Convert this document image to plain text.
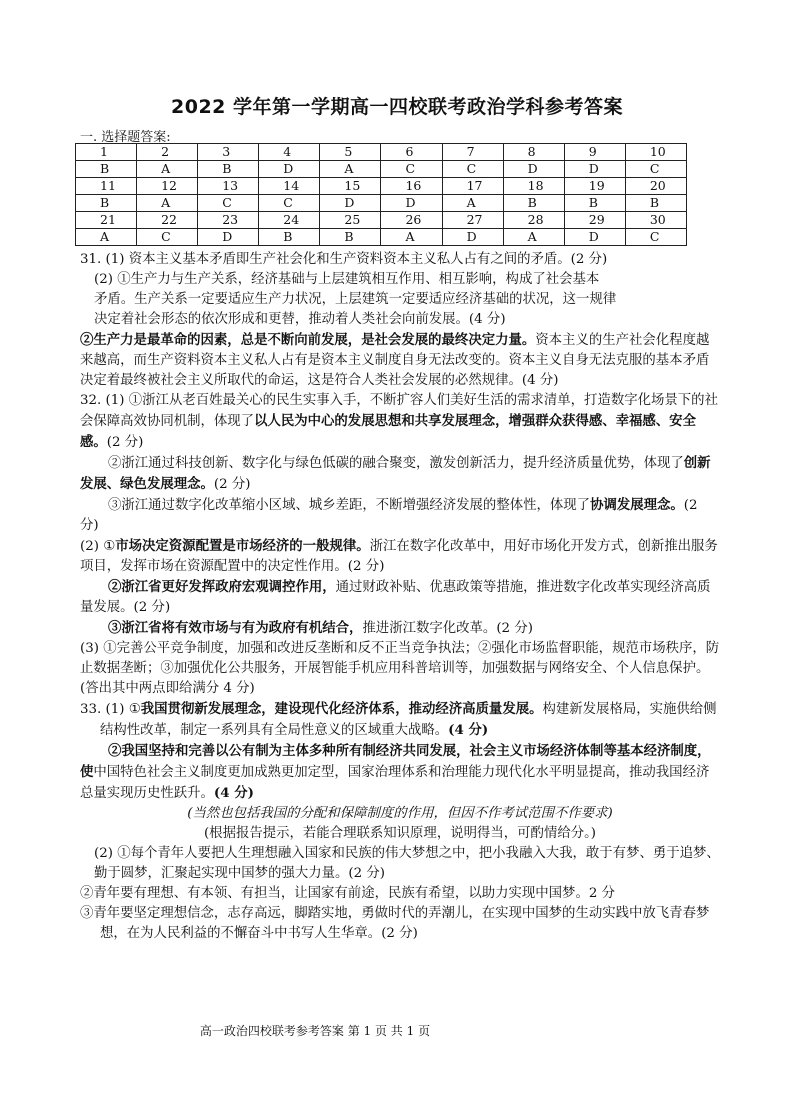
2022 学年第一学期高一四校联考政治学科参考答案
一. 选择题答案:
1	2	3	4	5	6	7	8	9	10
B	A	B	D	A	C	C	D	D	C
11	12	13	14	15	16	17	18	19	20
B	A	C	C	D	D	A	B	B	B
21	22	23	24	25	26	27	28	29	30
A	C	D	B	B	A	D	A	D	C

31. (1) 资本主义基本矛盾即生产社会化和生产资料资本主义私人占有之间的矛盾。(2 分)

(2) ①生产力与生产关系，经济基础与上层建筑相互作用、相互影响，构成了社会基本

矛盾。生产关系一定要适应生产力状况，上层建筑一定要适应经济基础的状况，这一规律

决定着社会形态的依次形成和更替，推动着人类社会向前发展。(4 分)

②生产力是最革命的因素，总是不断向前发展，是社会发展的最终决定力量。资本主义的生产社会化程度越来越高，而生产资料资本主义私人占有是资本主义制度自身无法改变的。资本主义自身无法克服的基本矛盾决定着最终被社会主义所取代的命运，这是符合人类社会发展的必然规律。(4 分)

32. (1) ①浙江从老百姓最关心的民生实事入手，不断扩容人们美好生活的需求清单，打造数字化场景下的社会保障高效协同机制，体现了以人民为中心的发展思想和共享发展理念，增强群众获得感、幸福感、安全感。(2 分)

②浙江通过科技创新、数字化与绿色低碳的融合聚变，激发创新活力，提升经济质量优势，体现了创新发展、绿色发展理念。(2 分)

③浙江通过数字化改革缩小区域、城乡差距，不断增强经济发展的整体性，体现了协调发展理念。(2 分)

(2) ①市场决定资源配置是市场经济的一般规律。浙江在数字化改革中，用好市场化开发方式，创新推出服务项目，发挥市场在资源配置中的决定性作用。(2 分)

②浙江省更好发挥政府宏观调控作用，通过财政补贴、优惠政策等措施，推进数字化改革实现经济高质量发展。(2 分)

③浙江省将有效市场与有为政府有机结合，推进浙江数字化改革。(2 分)

(3) ①完善公平竞争制度，加强和改进反垄断和反不正当竞争执法；②强化市场监督职能，规范市场秩序，防止数据垄断；③加强优化公共服务，开展智能手机应用科普培训等，加强数据与网络安全、个人信息保护。

(答出其中两点即给满分 4 分)

33. (1) ①我国贯彻新发展理念，建设现代化经济体系，推动经济高质量发展。构建新发展格局，实施供给侧结构性改革，制定一系列具有全局性意义的区域重大战略。(4 分)

②我国坚持和完善以公有制为主体多种所有制经济共同发展，社会主义市场经济体制等基本经济制度，使中国特色社会主义制度更加成熟更加定型，国家治理体系和治理能力现代化水平明显提高，推动我国经济总量实现历史性跃升。(4 分)

(当然也包括我国的分配和保障制度的作用，但因不作考试范围不作要求)

(根据报告提示，若能合理联系知识原理，说明得当，可酌情给分。)

(2) ①每个青年人要把人生理想融入国家和民族的伟大梦想之中，把小我融入大我，敢于有梦、勇于追梦、勤于圆梦，汇聚起实现中国梦的强大力量。(2 分)

②青年要有理想、有本领、有担当，让国家有前途，民族有希望，以助力实现中国梦。2 分

③青年要坚定理想信念，志存高远，脚踏实地，勇做时代的弄潮儿，在实现中国梦的生动实践中放飞青春梦想，在为人民利益的不懈奋斗中书写人生华章。(2 分)

高一政治四校联考参考答案 第 1 页 共 1 页
